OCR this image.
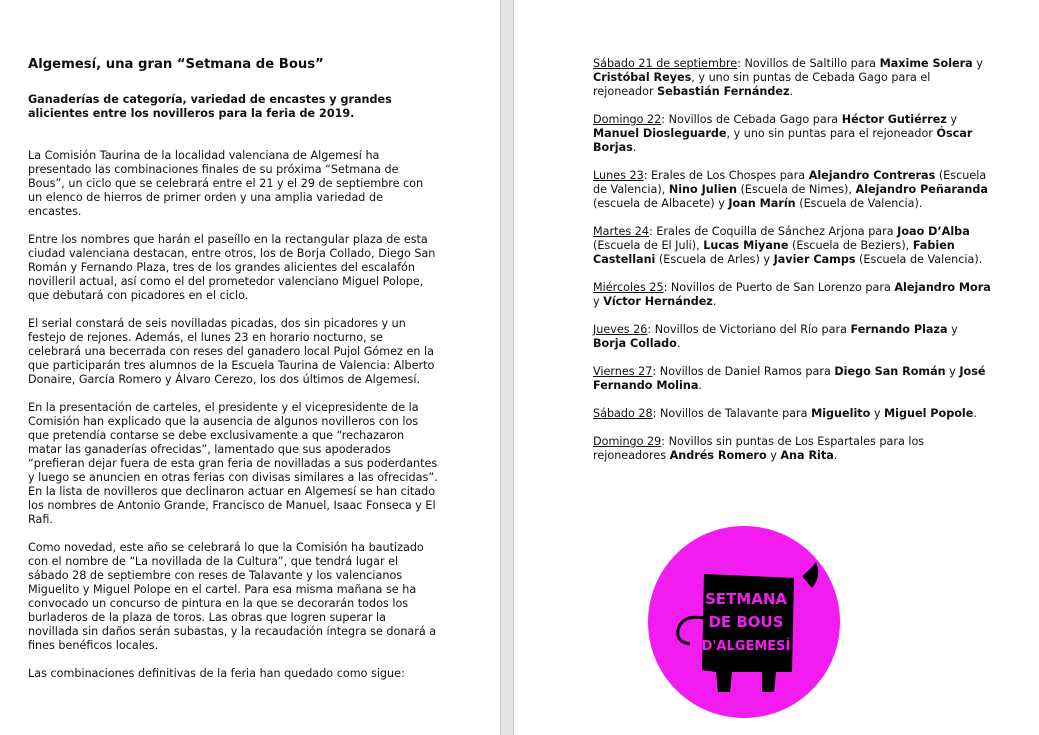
Algemesí, una gran “Setmana de Bous”

Ganaderías de categoría, variedad de encastes y grandes alicientes entre los novilleros para la feria de 2019.

La Comisión Taurina de la localidad valenciana de Algemesí ha presentado las combinaciones finales de su próxima “Setmana de Bous”, un ciclo que se celebrará entre el 21 y el 29 de septiembre con un elenco de hierros de primer orden y una amplia variedad de encastes.

Entre los nombres que harán el paseíllo en la rectangular plaza de esta ciudad valenciana destacan, entre otros, los de Borja Collado, Diego San Román y Fernando Plaza, tres de los grandes alicientes del escalafón novilleril actual, así como el del prometedor valenciano Miguel Polope, que debutará con picadores en el ciclo.

El serial constará de seis novilladas picadas, dos sin picadores y un festejo de rejones. Además, el lunes 23 en horario nocturno, se celebrará una becerrada con reses del ganadero local Pujol Gómez en la que participarán tres alumnos de la Escuela Taurina de Valencia: Alberto Donaire, García Romero y Álvaro Cerezo, los dos últimos de Algemesí.

En la presentación de carteles, el presidente y el vicepresidente de la Comisión han explicado que la ausencia de algunos novilleros con los que pretendía contarse se debe exclusivamente a que “rechazaron matar las ganaderías ofrecidas”, lamentado que sus apoderados “prefieran dejar fuera de esta gran feria de novilladas a sus poderdantes y luego se anuncien en otras ferias con divisas similares a las ofrecidas”. En la lista de novilleros que declinaron actuar en Algemesí se han citado los nombres de Antonio Grande, Francisco de Manuel, Isaac Fonseca y El Rafi.

Como novedad, este año se celebrará lo que la Comisión ha bautizado con el nombre de “La novillada de la Cultura”, que tendrá lugar el sábado 28 de septiembre con reses de Talavante y los valencianos Miguelito y Miguel Polope en el cartel. Para esa misma mañana se ha convocado un concurso de pintura en la que se decorarán todos los burladeros de la plaza de toros. Las obras que logren superar la novillada sin daños serán subastas, y la recaudación íntegra se donará a fines benéficos locales.

Las combinaciones definitivas de la feria han quedado como sigue:

Sábado 21 de septiembre: Novillos de Saltillo para Maxime Solera y Cristóbal Reyes, y uno sin puntas de Cebada Gago para el rejoneador Sebastián Fernández.

Domingo 22: Novillos de Cebada Gago para Héctor Gutiérrez y Manuel Diosleguarde, y uno sin puntas para el rejoneador Óscar Borjas.

Lunes 23: Erales de Los Chospes para Alejandro Contreras (Escuela de Valencia), Nino Julien (Escuela de Nimes), Alejandro Peñaranda (escuela de Albacete) y Joan Marín (Escuela de Valencia).

Martes 24: Erales de Coquilla de Sánchez Arjona para Joao D’Alba (Escuela de El Juli), Lucas Miyane (Escuela de Beziers), Fabien Castellani (Escuela de Arles) y Javier Camps (Escuela de Valencia).

Miércoles 25: Novillos de Puerto de San Lorenzo para Alejandro Mora y Víctor Hernández.

Jueves 26: Novillos de Victoriano del Río para Fernando Plaza y Borja Collado.

Viernes 27: Novillos de Daniel Ramos para Diego San Román y José Fernando Molina.

Sábado 28: Novillos de Talavante para Miguelito y Miguel Popole.

Domingo 29: Novillos sin puntas de Los Espartales para los rejoneadores Andrés Romero y Ana Rita.

SETMANA
DE BOUS
D'ALGEMESÍ
